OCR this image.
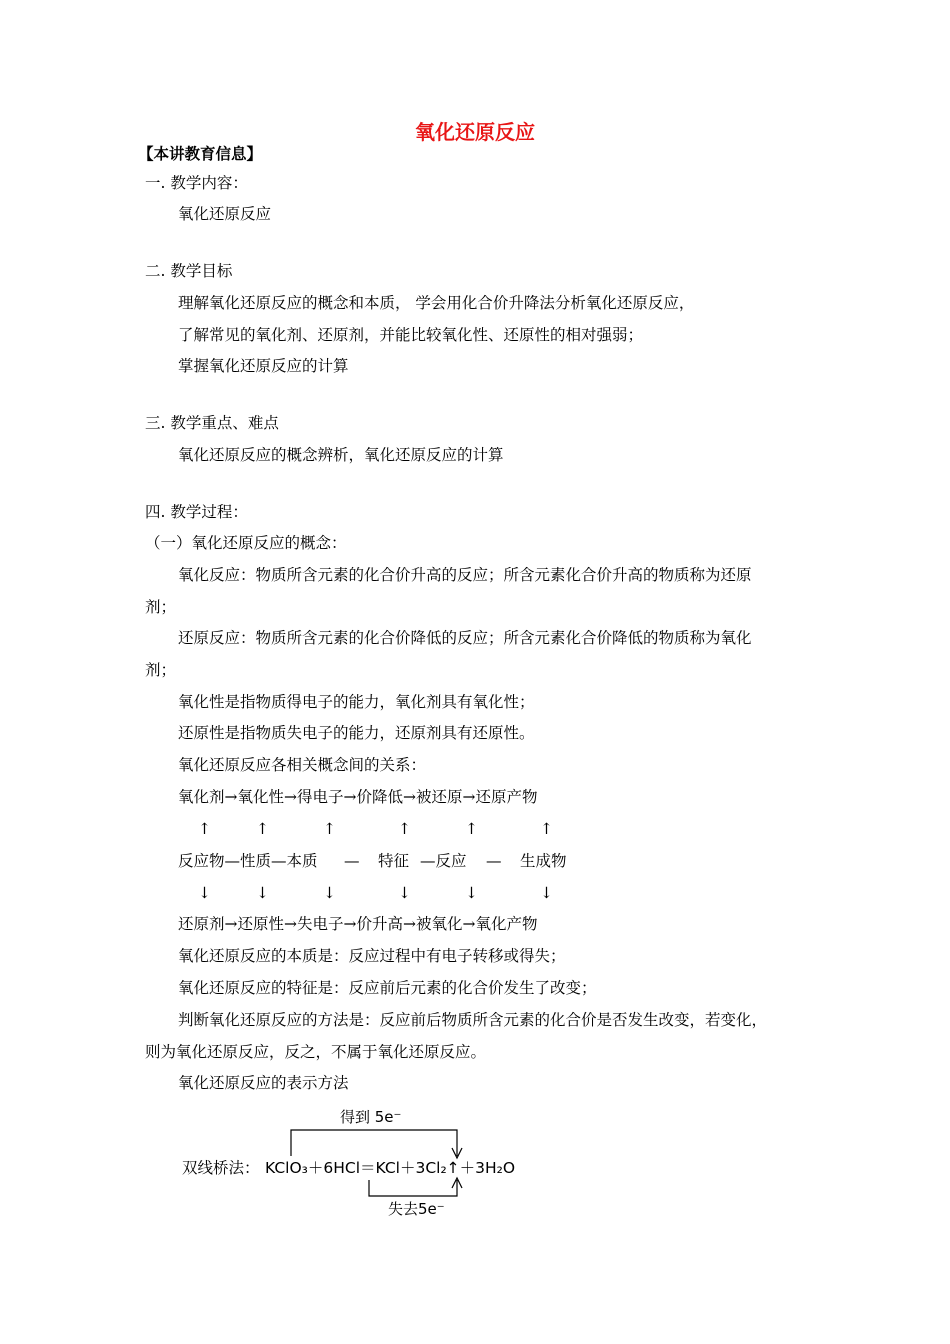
氧化还原反应
【本讲教育信息】
一. 教学内容：
氧化还原反应
二. 教学目标
理解氧化还原反应的概念和本质， 学会用化合价升降法分析氧化还原反应，
了解常见的氧化剂、还原剂，并能比较氧化性、还原性的相对强弱；
掌握氧化还原反应的计算
三. 教学重点、难点
氧化还原反应的概念辨析，氧化还原反应的计算
四. 教学过程：
（一）氧化还原反应的概念：
氧化反应：物质所含元素的化合价升高的反应；所含元素化合价升高的物质称为还原
剂；
还原反应：物质所含元素的化合价降低的反应；所含元素化合价降低的物质称为氧化
剂；
氧化性是指物质得电子的能力，氧化剂具有氧化性；
还原性是指物质失电子的能力，还原剂具有还原性。
氧化还原反应各相关概念间的关系：
氧化剂→氧化性→得电子→价降低→被还原→还原产物
↑	↑	↑	↑	↑	↑
反应物—性质—本质 — 特征 —反应 — 生成物
↓	↓	↓	↓	↓	↓
还原剂→还原性→失电子→价升高→被氧化→氧化产物
氧化还原反应的本质是：反应过程中有电子转移或得失；
氧化还原反应的特征是：反应前后元素的化合价发生了改变；
判断氧化还原反应的方法是：反应前后物质所含元素的化合价是否发生改变，若变化，
则为氧化还原反应，反之，不属于氧化还原反应。
氧化还原反应的表示方法
得到 5e⁻
双线桥法： KClO₃＋6HCl＝KCl＋3Cl₂↑＋3H₂O
失去5e⁻
